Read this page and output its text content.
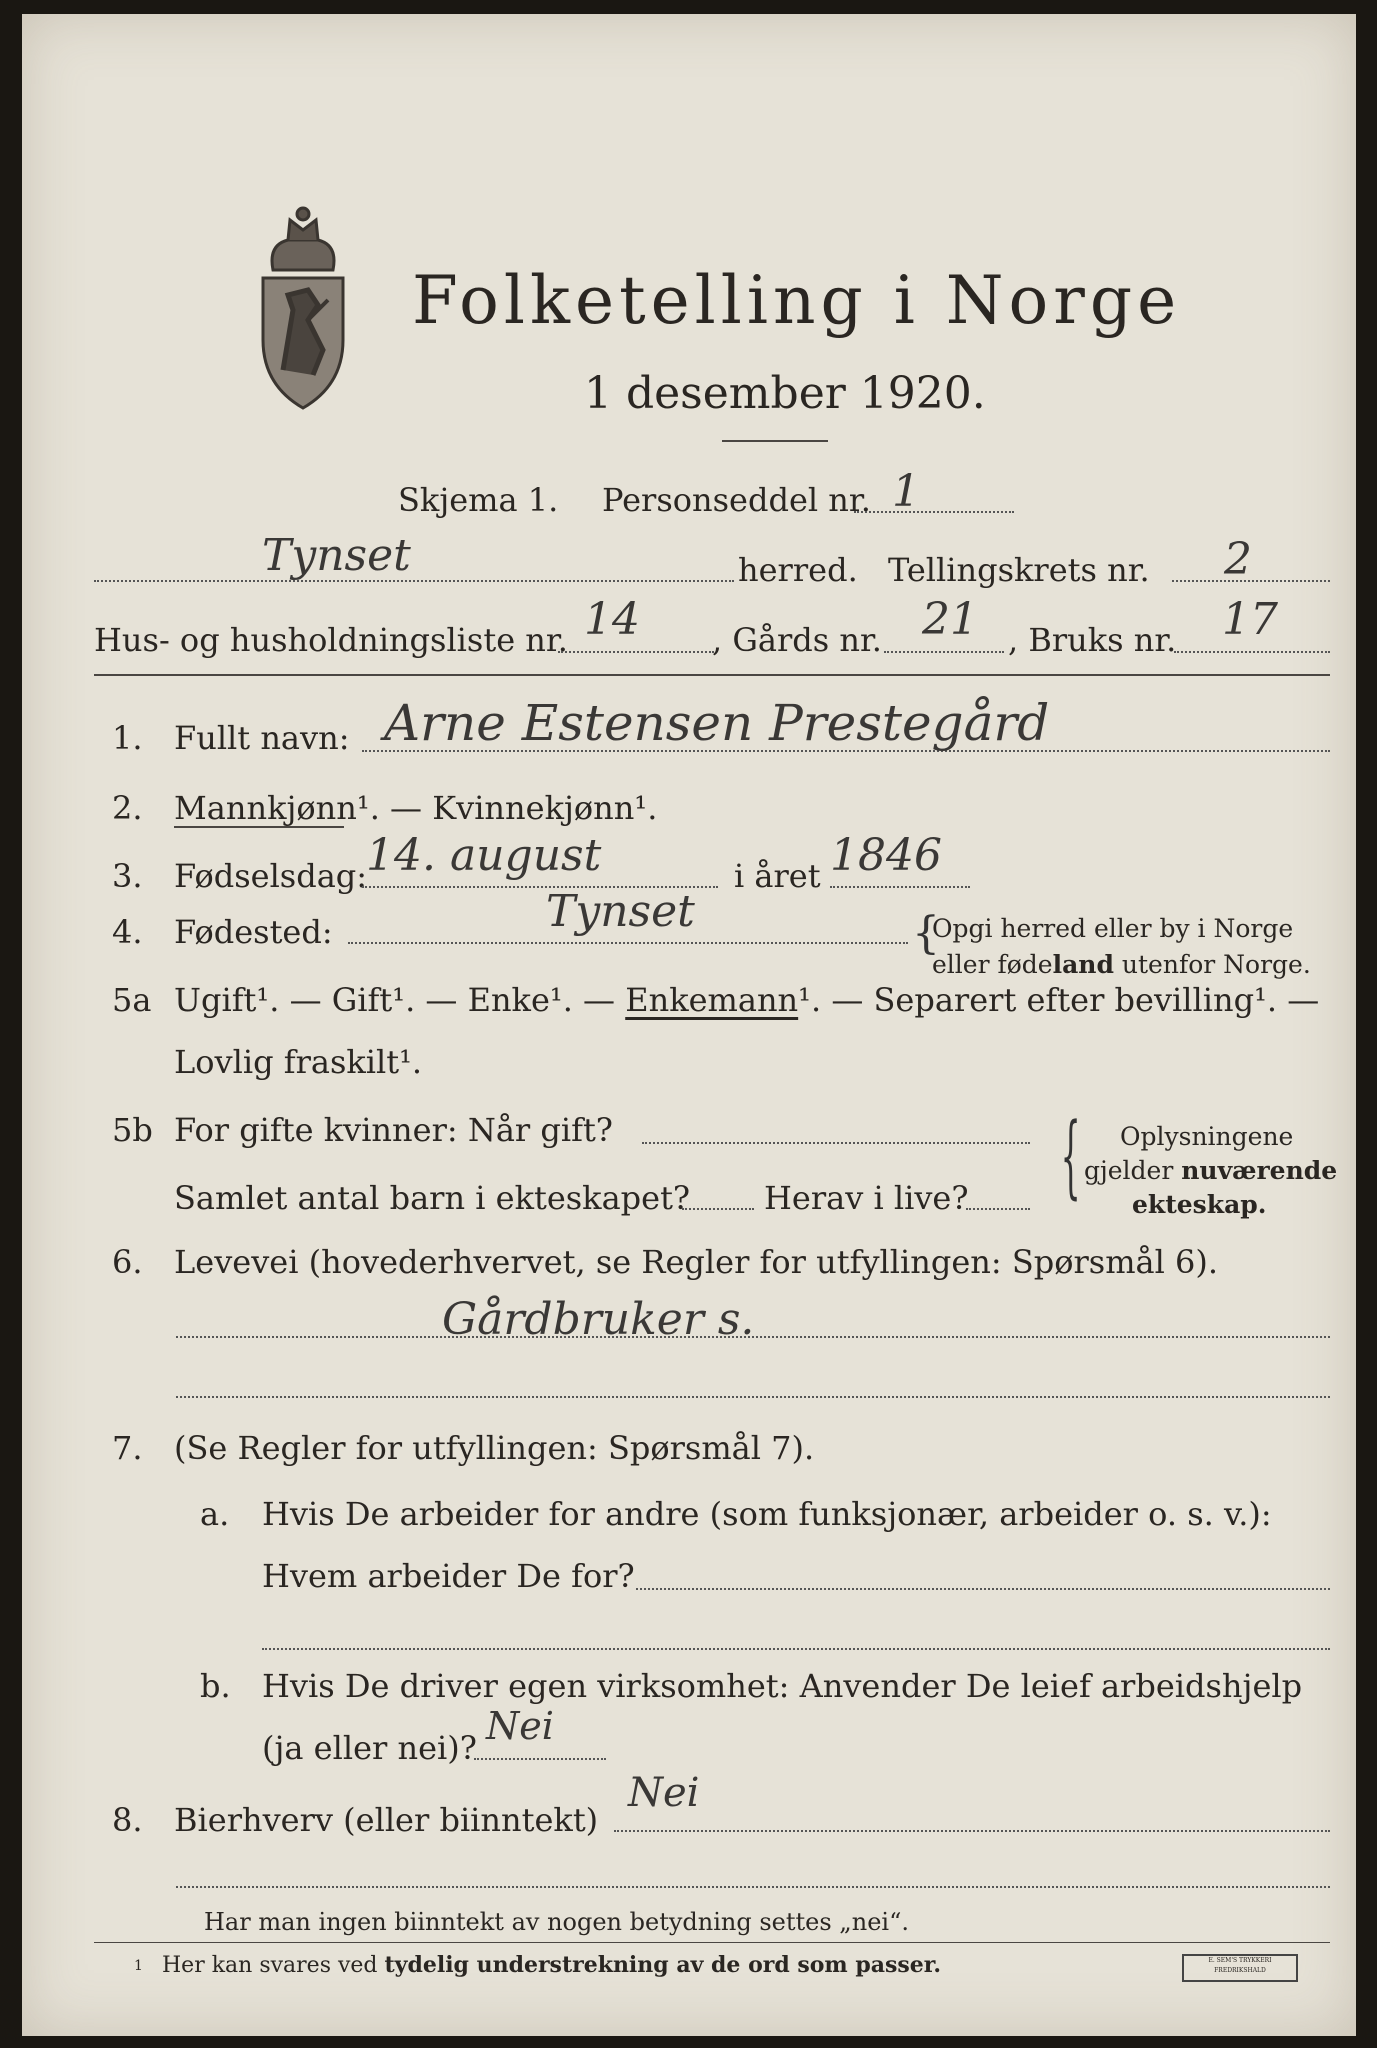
Folketelling i Norge
1 desember 1920.
Skjema 1. Personseddel nr. 1
Tynset	herred. Tellingskrets nr. 2
Hus- og husholdningsliste nr. 14 , Gårds nr. 21 , Bruks nr. 17
1. Fullt navn: Arne Estensen Prestegård
2. Mannkjønn¹. — Kvinnekjønn¹.
3. Fødselsdag:
14. august	i året 1846
4. Fødested:	Tynset	{
Opgi herred eller by i Norge
eller fødeland utenfor Norge.
5a Ugift¹. — Gift¹. — Enke¹. — Enkemann¹. — Separert efter bevilling¹. —
Lovlig fraskilt¹.
5b For gifte kvinner: Når gift?
Samlet antal barn i ekteskapet? Herav i live? { Oplysningene
gjelder nuværende
ekteskap.
6. Levevei (hovederhvervet, se Regler for utfyllingen: Spørsmål 6).
Gårdbruker s.
7. (Se Regler for utfyllingen: Spørsmål 7).
a. Hvis De arbeider for andre (som funksjonær, arbeider o. s. v.):
Hvem arbeider De for?
b. Hvis De driver egen virksomhet: Anvender De leief arbeidshjelp
(ja eller nei)? Nei
8. Bierhverv (eller biinntekt)
Nei
Har man ingen biinntekt av nogen betydning settes „nei“.
1 Her kan svares ved tydelig understrekning av de ord som passer.	E. SEM'S TRYKKERI FREDRIKSHALD
